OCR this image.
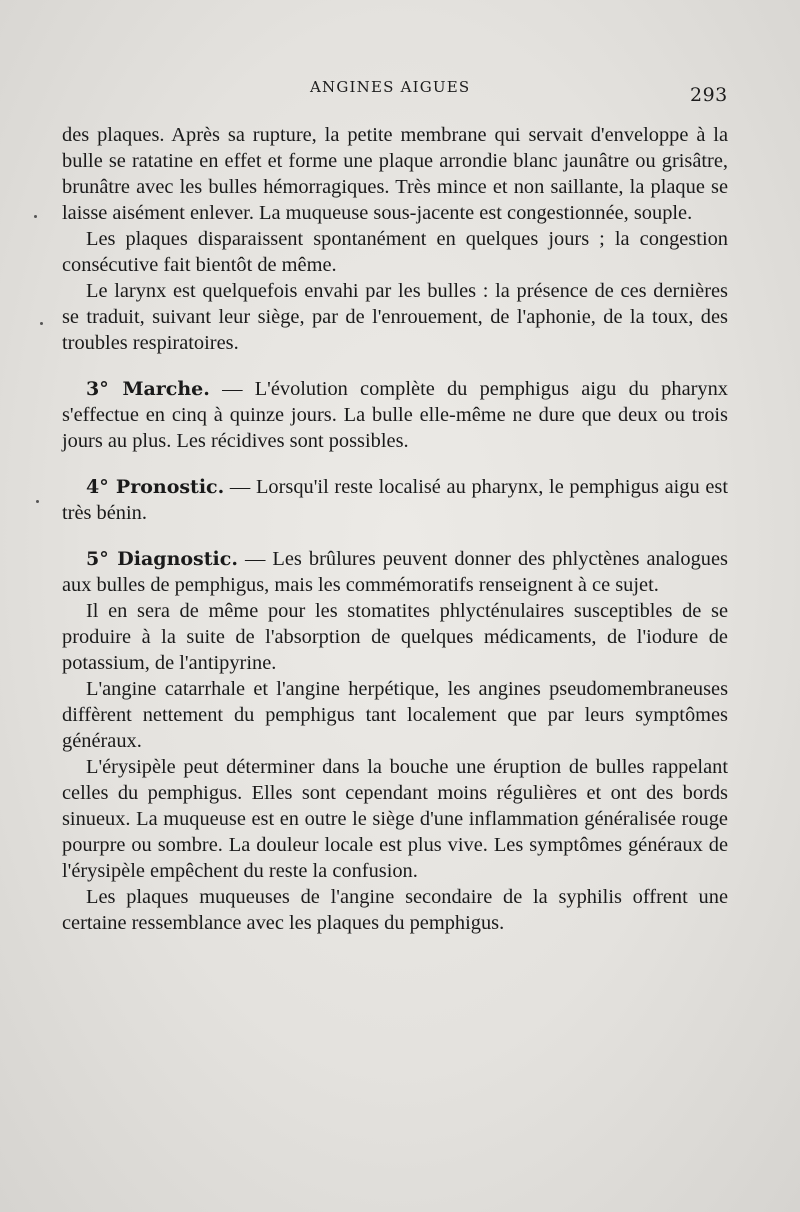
ANGINES AIGUES	293

des plaques. Après sa rupture, la petite membrane qui servait d'enveloppe à la bulle se ratatine en effet et forme une plaque arrondie blanc jaunâtre ou grisâtre, brunâtre avec les bulles hémorragiques. Très mince et non saillante, la plaque se laisse aisément enlever. La muqueuse sous-jacente est congestionnée, souple.

Les plaques disparaissent spontanément en quelques jours ; la congestion consécutive fait bientôt de même.

Le larynx est quelquefois envahi par les bulles : la présence de ces dernières se traduit, suivant leur siège, par de l'enrouement, de l'aphonie, de la toux, des troubles respiratoires.

3° Marche. — L'évolution complète du pemphigus aigu du pharynx s'effectue en cinq à quinze jours. La bulle elle-même ne dure que deux ou trois jours au plus. Les récidives sont possibles.

4° Pronostic. — Lorsqu'il reste localisé au pharynx, le pemphigus aigu est très bénin.

5° Diagnostic. — Les brûlures peuvent donner des phlyctènes analogues aux bulles de pemphigus, mais les commémoratifs renseignent à ce sujet.

Il en sera de même pour les stomatites phlycténulaires susceptibles de se produire à la suite de l'absorption de quelques médicaments, de l'iodure de potassium, de l'antipyrine.

L'angine catarrhale et l'angine herpétique, les angines pseudomembraneuses diffèrent nettement du pemphigus tant localement que par leurs symptômes généraux.

L'érysipèle peut déterminer dans la bouche une éruption de bulles rappelant celles du pemphigus. Elles sont cependant moins régulières et ont des bords sinueux. La muqueuse est en outre le siège d'une inflammation généralisée rouge pourpre ou sombre. La douleur locale est plus vive. Les symptômes généraux de l'érysipèle empêchent du reste la confusion.

Les plaques muqueuses de l'angine secondaire de la syphilis offrent une certaine ressemblance avec les plaques du pemphigus.
